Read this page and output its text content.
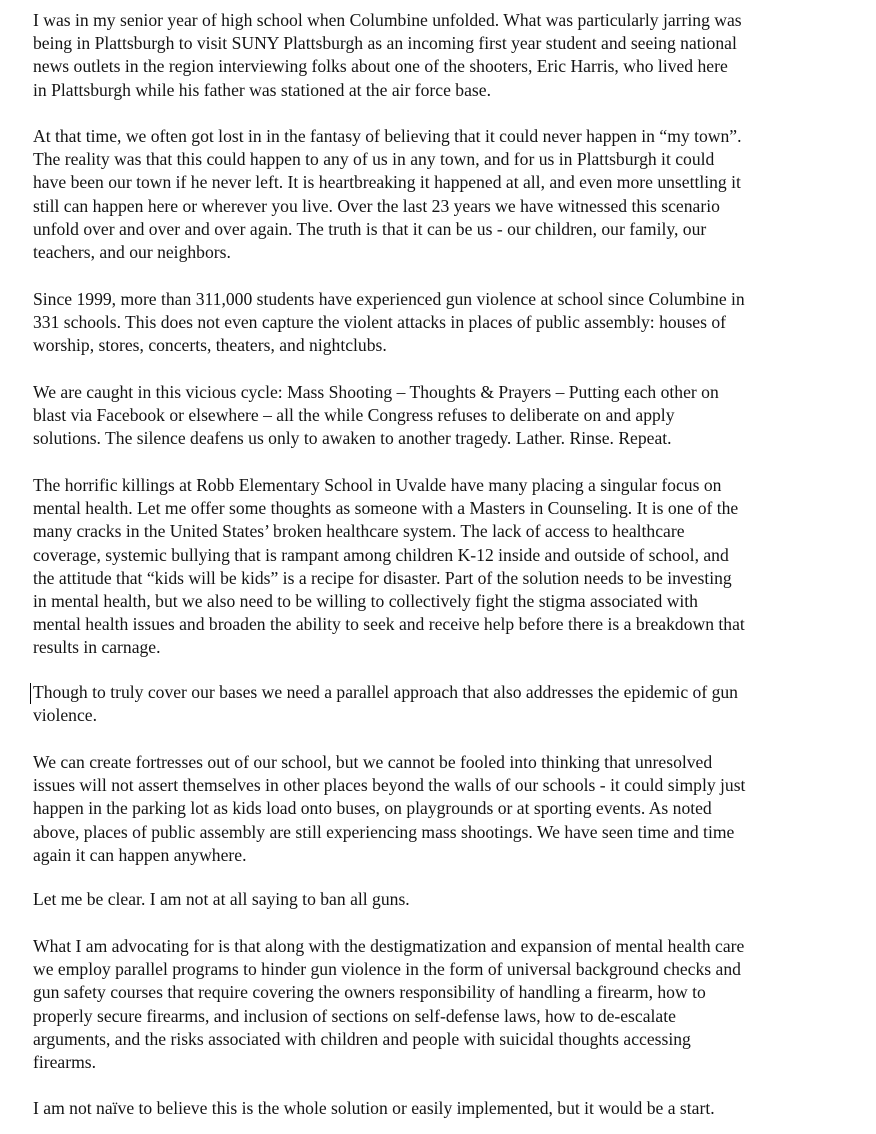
I was in my senior year of high school when Columbine unfolded. What was particularly jarring was
being in Plattsburgh to visit SUNY Plattsburgh as an incoming first year student and seeing national
news outlets in the region interviewing folks about one of the shooters, Eric Harris, who lived here
in Plattsburgh while his father was stationed at the air force base.
At that time, we often got lost in in the fantasy of believing that it could never happen in “my town”.
The reality was that this could happen to any of us in any town, and for us in Plattsburgh it could
have been our town if he never left. It is heartbreaking it happened at all, and even more unsettling it
still can happen here or wherever you live. Over the last 23 years we have witnessed this scenario
unfold over and over and over again. The truth is that it can be us - our children, our family, our
teachers, and our neighbors.
Since 1999, more than 311,000 students have experienced gun violence at school since Columbine in
331 schools. This does not even capture the violent attacks in places of public assembly: houses of
worship, stores, concerts, theaters, and nightclubs.
We are caught in this vicious cycle: Mass Shooting – Thoughts & Prayers – Putting each other on
blast via Facebook or elsewhere – all the while Congress refuses to deliberate on and apply
solutions. The silence deafens us only to awaken to another tragedy. Lather. Rinse. Repeat.
The horrific killings at Robb Elementary School in Uvalde have many placing a singular focus on
mental health. Let me offer some thoughts as someone with a Masters in Counseling. It is one of the
many cracks in the United States’ broken healthcare system. The lack of access to healthcare
coverage, systemic bullying that is rampant among children K-12 inside and outside of school, and
the attitude that “kids will be kids” is a recipe for disaster. Part of the solution needs to be investing
in mental health, but we also need to be willing to collectively fight the stigma associated with
mental health issues and broaden the ability to seek and receive help before there is a breakdown that
results in carnage.
Though to truly cover our bases we need a parallel approach that also addresses the epidemic of gun
violence.
We can create fortresses out of our school, but we cannot be fooled into thinking that unresolved
issues will not assert themselves in other places beyond the walls of our schools - it could simply just
happen in the parking lot as kids load onto buses, on playgrounds or at sporting events. As noted
above, places of public assembly are still experiencing mass shootings. We have seen time and time
again it can happen anywhere.
Let me be clear. I am not at all saying to ban all guns.
What I am advocating for is that along with the destigmatization and expansion of mental health care
we employ parallel programs to hinder gun violence in the form of universal background checks and
gun safety courses that require covering the owners responsibility of handling a firearm, how to
properly secure firearms, and inclusion of sections on self-defense laws, how to de-escalate
arguments, and the risks associated with children and people with suicidal thoughts accessing
firearms.
I am not naïve to believe this is the whole solution or easily implemented, but it would be a start.
